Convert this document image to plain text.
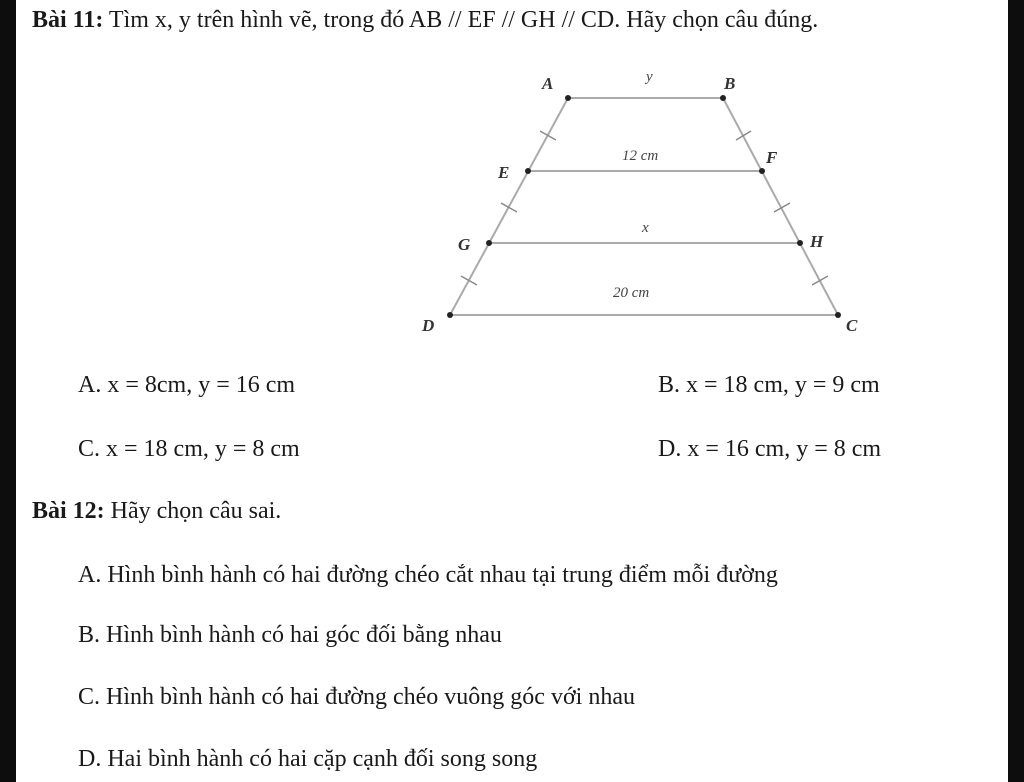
Bài 11: Tìm x, y trên hình vẽ, trong đó AB // EF // GH // CD. Hãy chọn câu đúng.
A	B
E
F
G	H
D	C
y
12 cm
x
20 cm
A. x = 8cm, y = 16 cm	B. x = 18 cm, y = 9 cm
C. x = 18 cm, y = 8 cm	D. x = 16 cm, y = 8 cm
Bài 12: Hãy chọn câu sai.
A. Hình bình hành có hai đường chéo cắt nhau tại trung điểm mỗi đường
B. Hình bình hành có hai góc đối bằng nhau
C. Hình bình hành có hai đường chéo vuông góc với nhau
D. Hai bình hành có hai cặp cạnh đối song song
